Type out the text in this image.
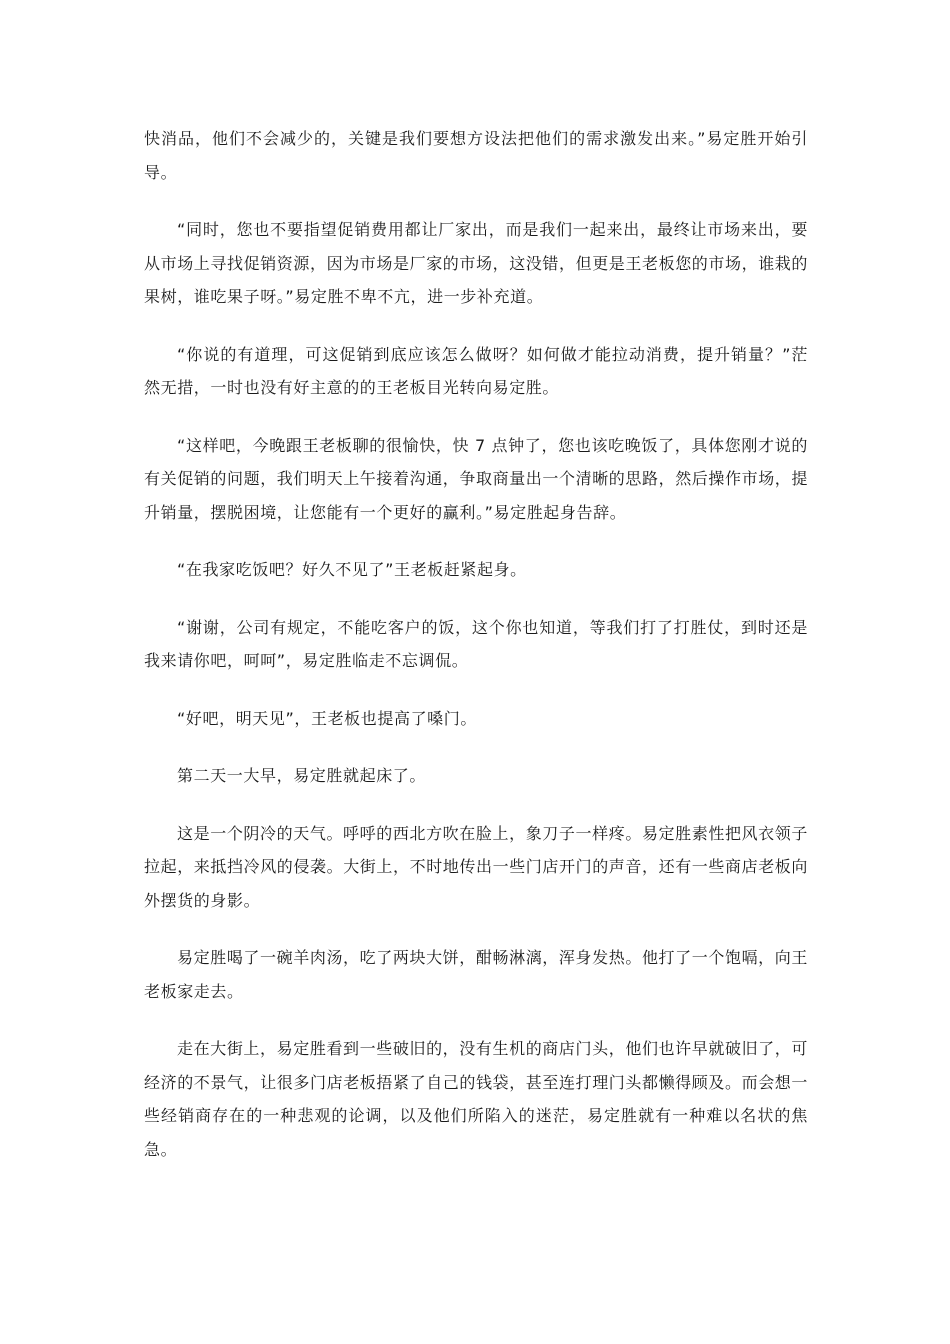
快消品，他们不会减少的，关键是我们要想方设法把他们的需求激发出来。”易定胜开始引导。

“同时，您也不要指望促销费用都让厂家出，而是我们一起来出，最终让市场来出，要从市场上寻找促销资源，因为市场是厂家的市场，这没错，但更是王老板您的市场，谁栽的果树，谁吃果子呀。”易定胜不卑不亢，进一步补充道。

“你说的有道理，可这促销到底应该怎么做呀？如何做才能拉动消费，提升销量？”茫然无措，一时也没有好主意的的王老板目光转向易定胜。

“这样吧，今晚跟王老板聊的很愉快，快 7 点钟了，您也该吃晚饭了，具体您刚才说的有关促销的问题，我们明天上午接着沟通，争取商量出一个清晰的思路，然后操作市场，提升销量，摆脱困境，让您能有一个更好的赢利。”易定胜起身告辞。

“在我家吃饭吧？好久不见了”王老板赶紧起身。

“谢谢，公司有规定，不能吃客户的饭，这个你也知道，等我们打了打胜仗，到时还是我来请你吧，呵呵”，易定胜临走不忘调侃。

“好吧，明天见”，王老板也提高了嗓门。

第二天一大早，易定胜就起床了。

这是一个阴冷的天气。呼呼的西北方吹在脸上，象刀子一样疼。易定胜素性把风衣领子拉起，来抵挡冷风的侵袭。大街上，不时地传出一些门店开门的声音，还有一些商店老板向外摆货的身影。

易定胜喝了一碗羊肉汤，吃了两块大饼，酣畅淋漓，浑身发热。他打了一个饱嗝，向王老板家走去。

走在大街上，易定胜看到一些破旧的，没有生机的商店门头，他们也许早就破旧了，可经济的不景气，让很多门店老板捂紧了自己的钱袋，甚至连打理门头都懒得顾及。而会想一些经销商存在的一种悲观的论调，以及他们所陷入的迷茫，易定胜就有一种难以名状的焦急。
